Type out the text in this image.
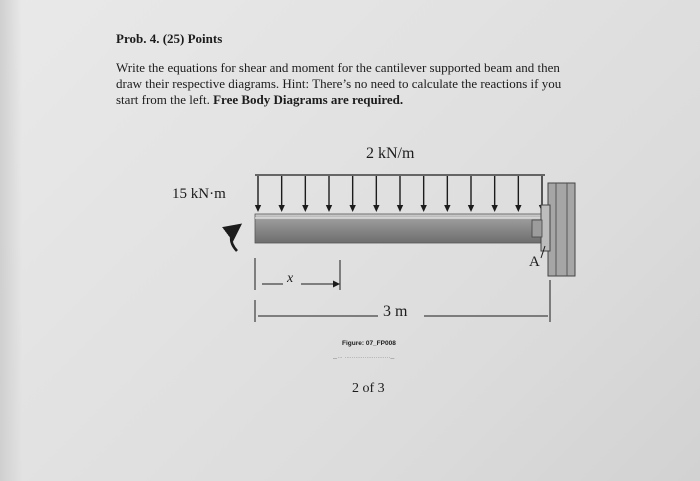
Prob. 4. (25) Points
Write the equations for shear and moment for the cantilever supported beam and then
draw their respective diagrams. Hint: There’s no need to calculate the reactions if you
start from the left. Free Body Diagrams are required.
2 kN/m
15 kN·m
x
3 m
A
Figure: 07_FP008
—··· ·························—
2 of 3
